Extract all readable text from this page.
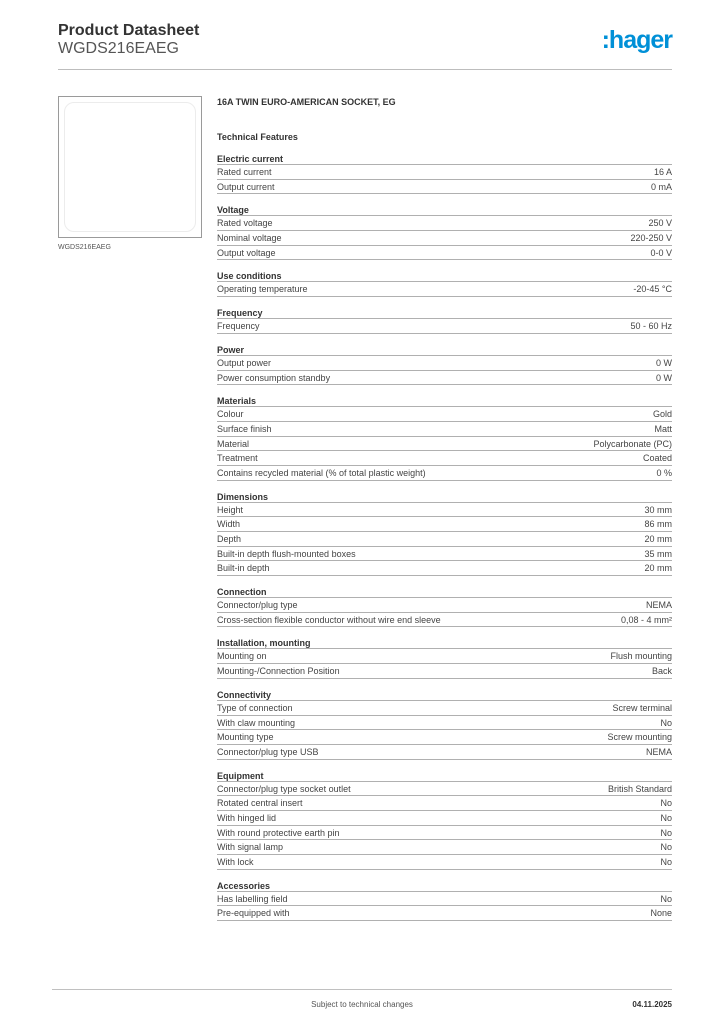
Product Datasheet
WGDS216EAEG	:hager
WGDS216EAEG
16A TWIN EURO-AMERICAN SOCKET, EG
Technical Features
Electric current
Rated current	16 A
Output current	0 mA
Voltage
Rated voltage	250 V
Nominal voltage	220-250 V
Output voltage	0-0 V
Use conditions
Operating temperature	-20-45 °C
Frequency
Frequency	50 - 60 Hz
Power
Output power	0 W
Power consumption standby	0 W
Materials
Colour	Gold
Surface finish	Matt
Material	Polycarbonate (PC)
Treatment	Coated
Contains recycled material (% of total plastic weight)	0 %
Dimensions
Height	30 mm
Width	86 mm
Depth	20 mm
Built-in depth flush-mounted boxes	35 mm
Built-in depth	20 mm
Connection
Connector/plug type	NEMA
Cross-section flexible conductor without wire end sleeve	0,08 - 4 mm²
Installation, mounting
Mounting on	Flush mounting
Mounting-/Connection Position	Back
Connectivity
Type of connection	Screw terminal
With claw mounting	No
Mounting type	Screw mounting
Connector/plug type USB	NEMA
Equipment
Connector/plug type socket outlet	British Standard
Rotated central insert	No
With hinged lid	No
With round protective earth pin	No
With signal lamp	No
With lock	No
Accessories
Has labelling field	No
Pre-equipped with	None
Subject to technical changes	04.11.2025
